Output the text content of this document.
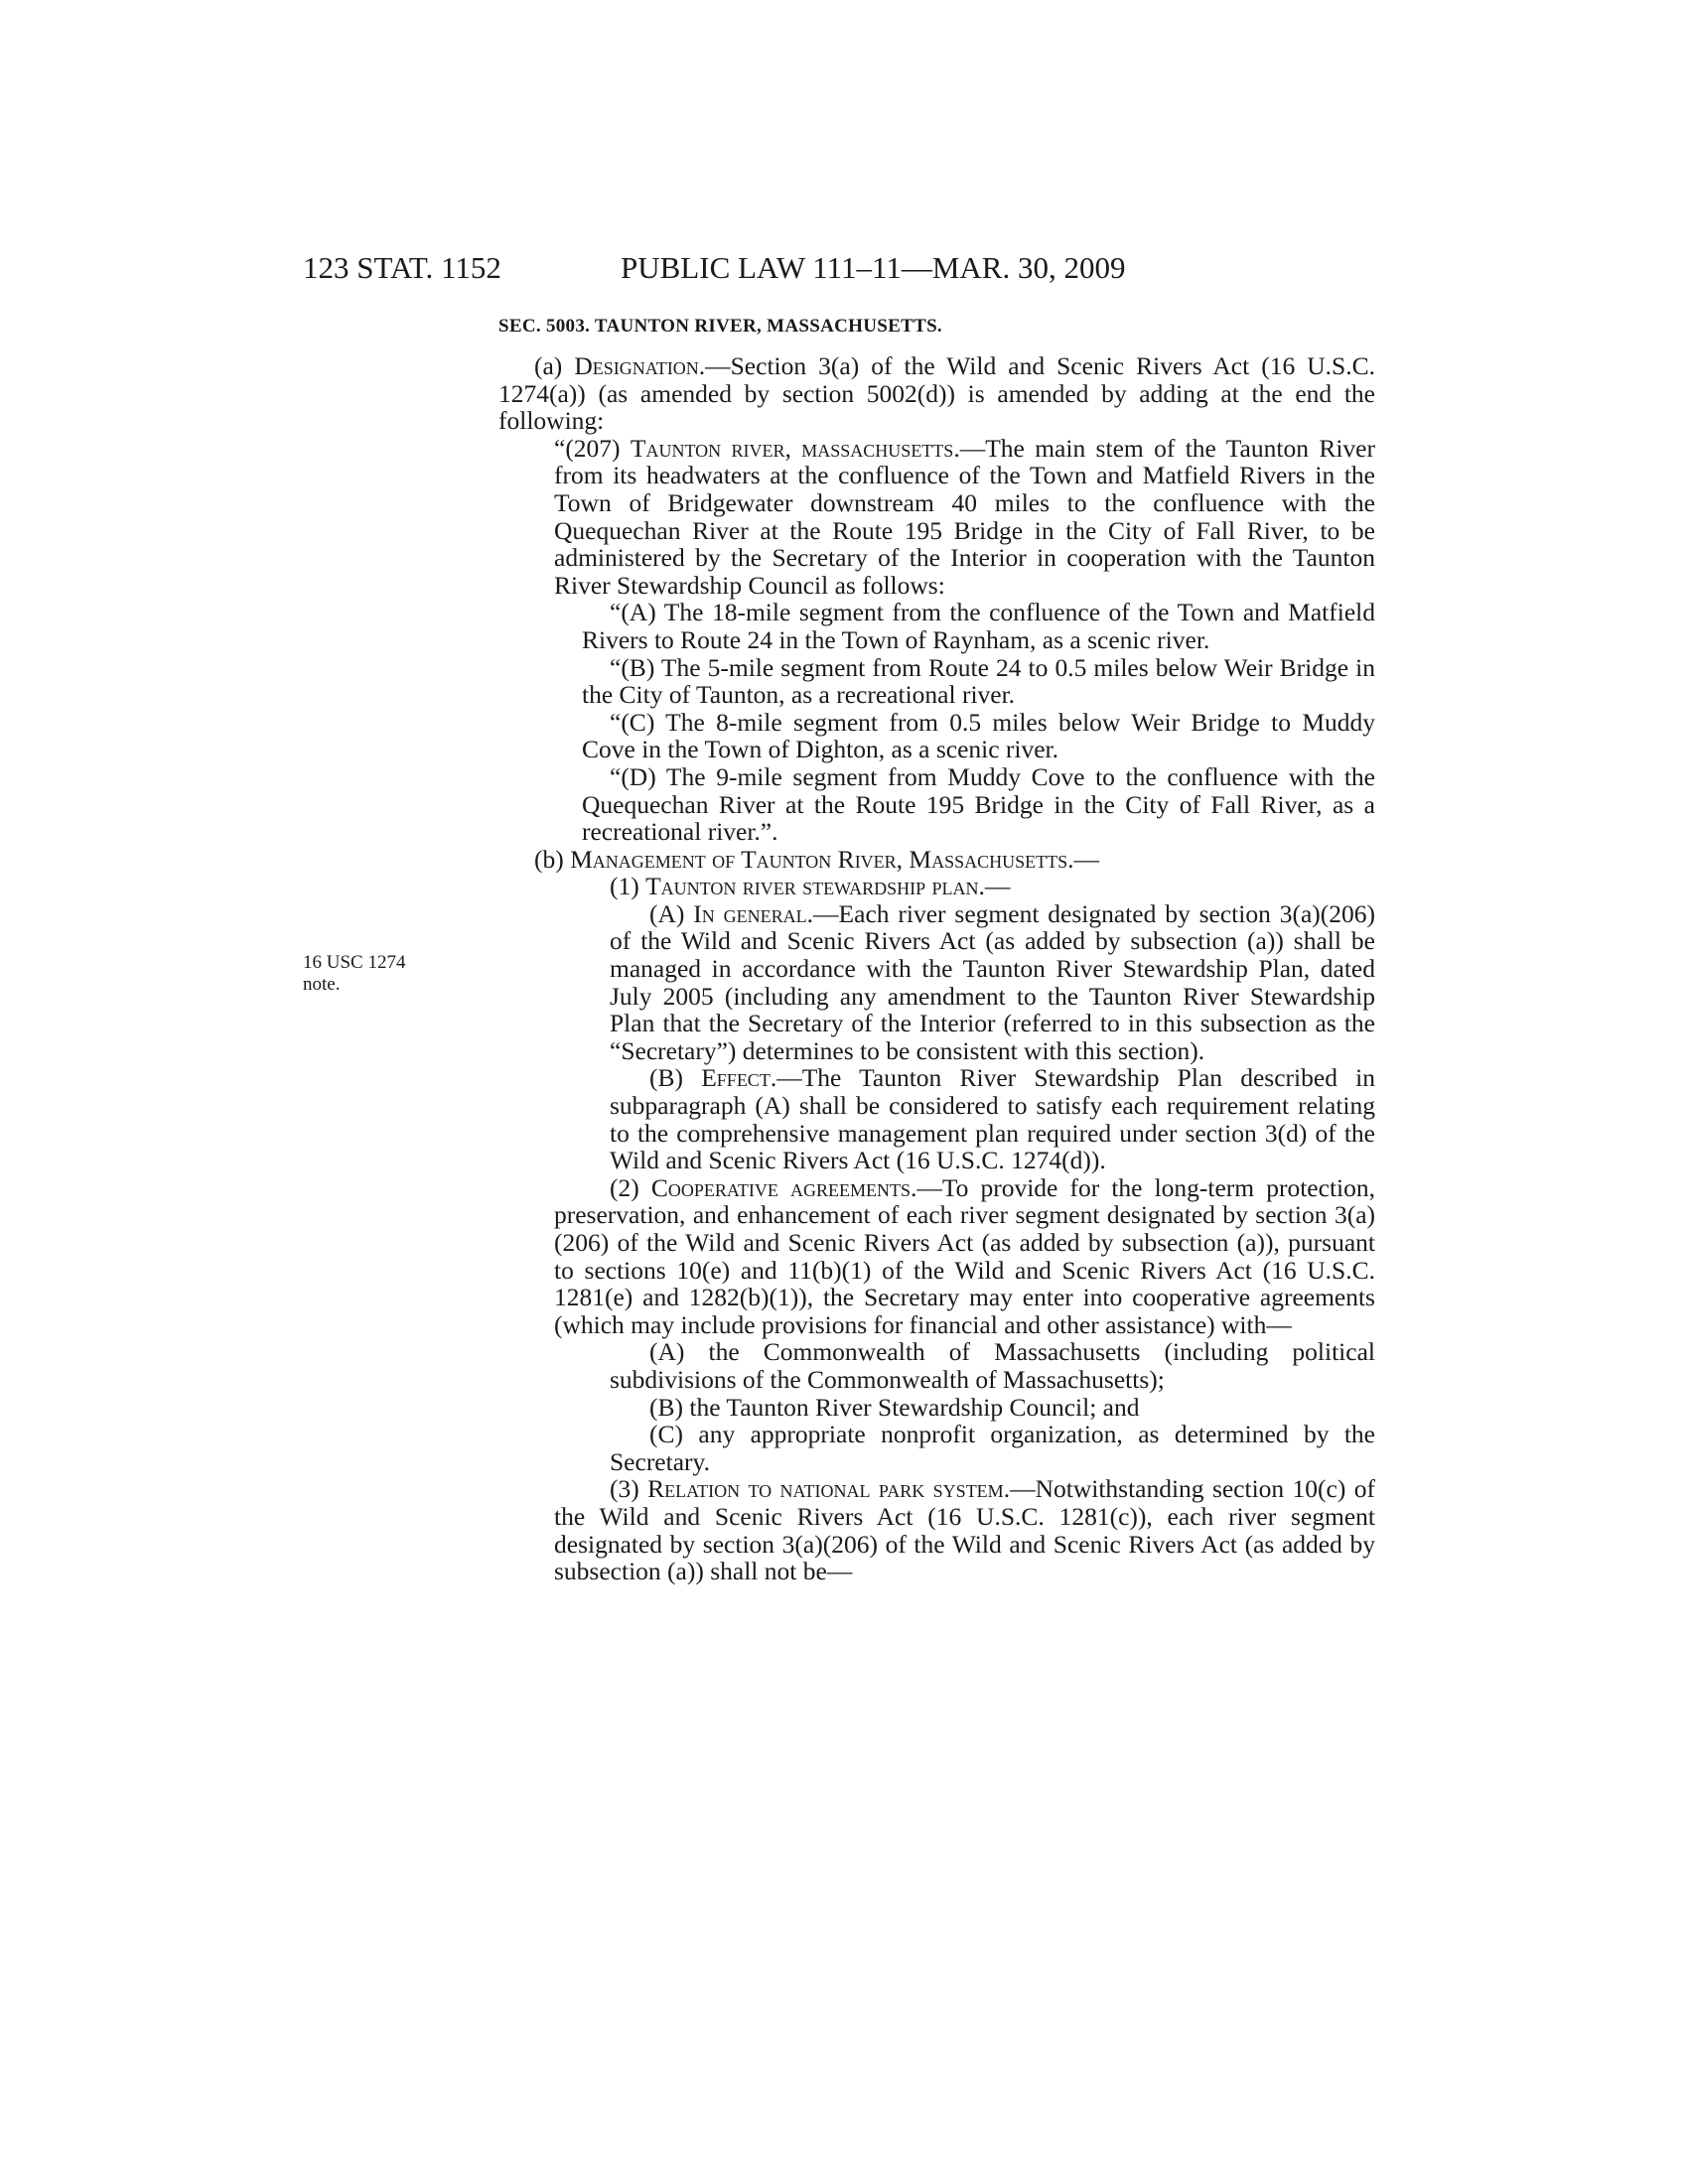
123 STAT. 1152	PUBLIC LAW 111–11—MAR. 30, 2009
SEC. 5003. TAUNTON RIVER, MASSACHUSETTS.
16 USC 1274
note.

(a) Designation.—Section 3(a) of the Wild and Scenic Rivers Act (16 U.S.C. 1274(a)) (as amended by section 5002(d)) is amended by adding at the end the following:

“(207) Taunton river, massachusetts.—The main stem of the Taunton River from its headwaters at the confluence of the Town and Matfield Rivers in the Town of Bridgewater downstream 40 miles to the confluence with the Quequechan River at the Route 195 Bridge in the City of Fall River, to be administered by the Secretary of the Interior in cooperation with the Taunton River Stewardship Council as follows:

“(A) The 18-mile segment from the confluence of the Town and Matfield Rivers to Route 24 in the Town of Raynham, as a scenic river.

“(B) The 5-mile segment from Route 24 to 0.5 miles below Weir Bridge in the City of Taunton, as a recreational river.

“(C) The 8-mile segment from 0.5 miles below Weir Bridge to Muddy Cove in the Town of Dighton, as a scenic river.

“(D) The 9-mile segment from Muddy Cove to the confluence with the Quequechan River at the Route 195 Bridge in the City of Fall River, as a recreational river.”.

(b) Management of Taunton River, Massachusetts.—

(1) Taunton river stewardship plan.—

(A) In general.—Each river segment designated by section 3(a)(206) of the Wild and Scenic Rivers Act (as added by subsection (a)) shall be managed in accordance with the Taunton River Stewardship Plan, dated July 2005 (including any amendment to the Taunton River Stewardship Plan that the Secretary of the Interior (referred to in this subsection as the “Secretary”) determines to be consistent with this section).

(B) Effect.—The Taunton River Stewardship Plan described in subparagraph (A) shall be considered to satisfy each requirement relating to the comprehensive management plan required under section 3(d) of the Wild and Scenic Rivers Act (16 U.S.C. 1274(d)).

(2) Cooperative agreements.—To provide for the long-term protection, preservation, and enhancement of each river segment designated by section 3(a)(206) of the Wild and Scenic Rivers Act (as added by subsection (a)), pursuant to sections 10(e) and 11(b)(1) of the Wild and Scenic Rivers Act (16 U.S.C. 1281(e) and 1282(b)(1)), the Secretary may enter into cooperative agreements (which may include provisions for financial and other assistance) with—

(A) the Commonwealth of Massachusetts (including political subdivisions of the Commonwealth of Massachusetts);

(B) the Taunton River Stewardship Council; and

(C) any appropriate nonprofit organization, as determined by the Secretary.

(3) Relation to national park system.—Notwithstanding section 10(c) of the Wild and Scenic Rivers Act (16 U.S.C. 1281(c)), each river segment designated by section 3(a)(206) of the Wild and Scenic Rivers Act (as added by subsection (a)) shall not be—
